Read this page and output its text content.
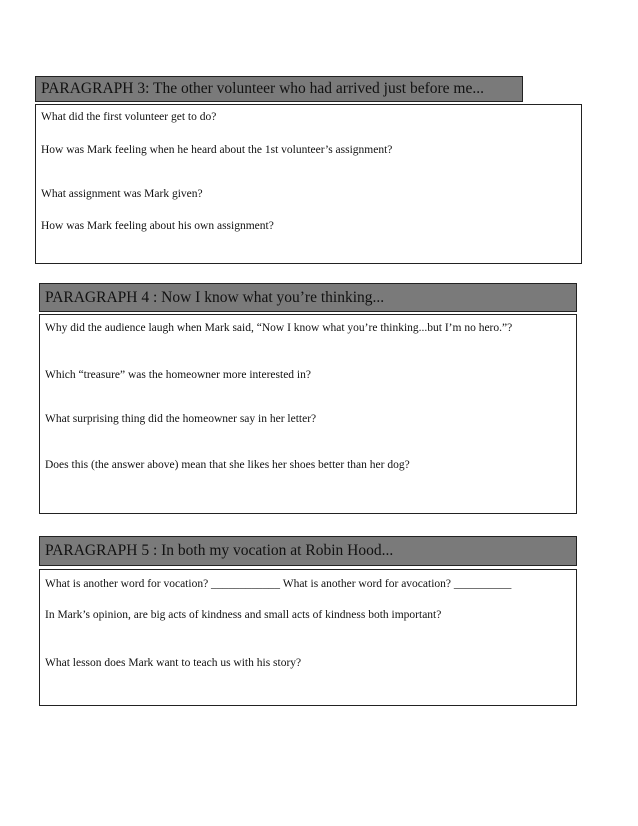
PARAGRAPH 3: The other volunteer who had arrived just before me...
What did the first volunteer get to do?
How was Mark feeling when he heard about the 1st volunteer’s assignment?
What assignment was Mark given?
How was Mark feeling about his own assignment?
PARAGRAPH 4 : Now I know what you’re thinking...
Why did the audience laugh when Mark said, “Now I know what you’re thinking...but I’m no hero.”?
Which “treasure” was the homeowner more interested in?
What surprising thing did the homeowner say in her letter?
Does this (the answer above) mean that she likes her shoes better than her dog?
PARAGRAPH 5 : In both my vocation at Robin Hood...
What is another word for vocation? ____________ What is another word for avocation? __________
In Mark’s opinion, are big acts of kindness and small acts of kindness both important?
What lesson does Mark want to teach us with his story?
